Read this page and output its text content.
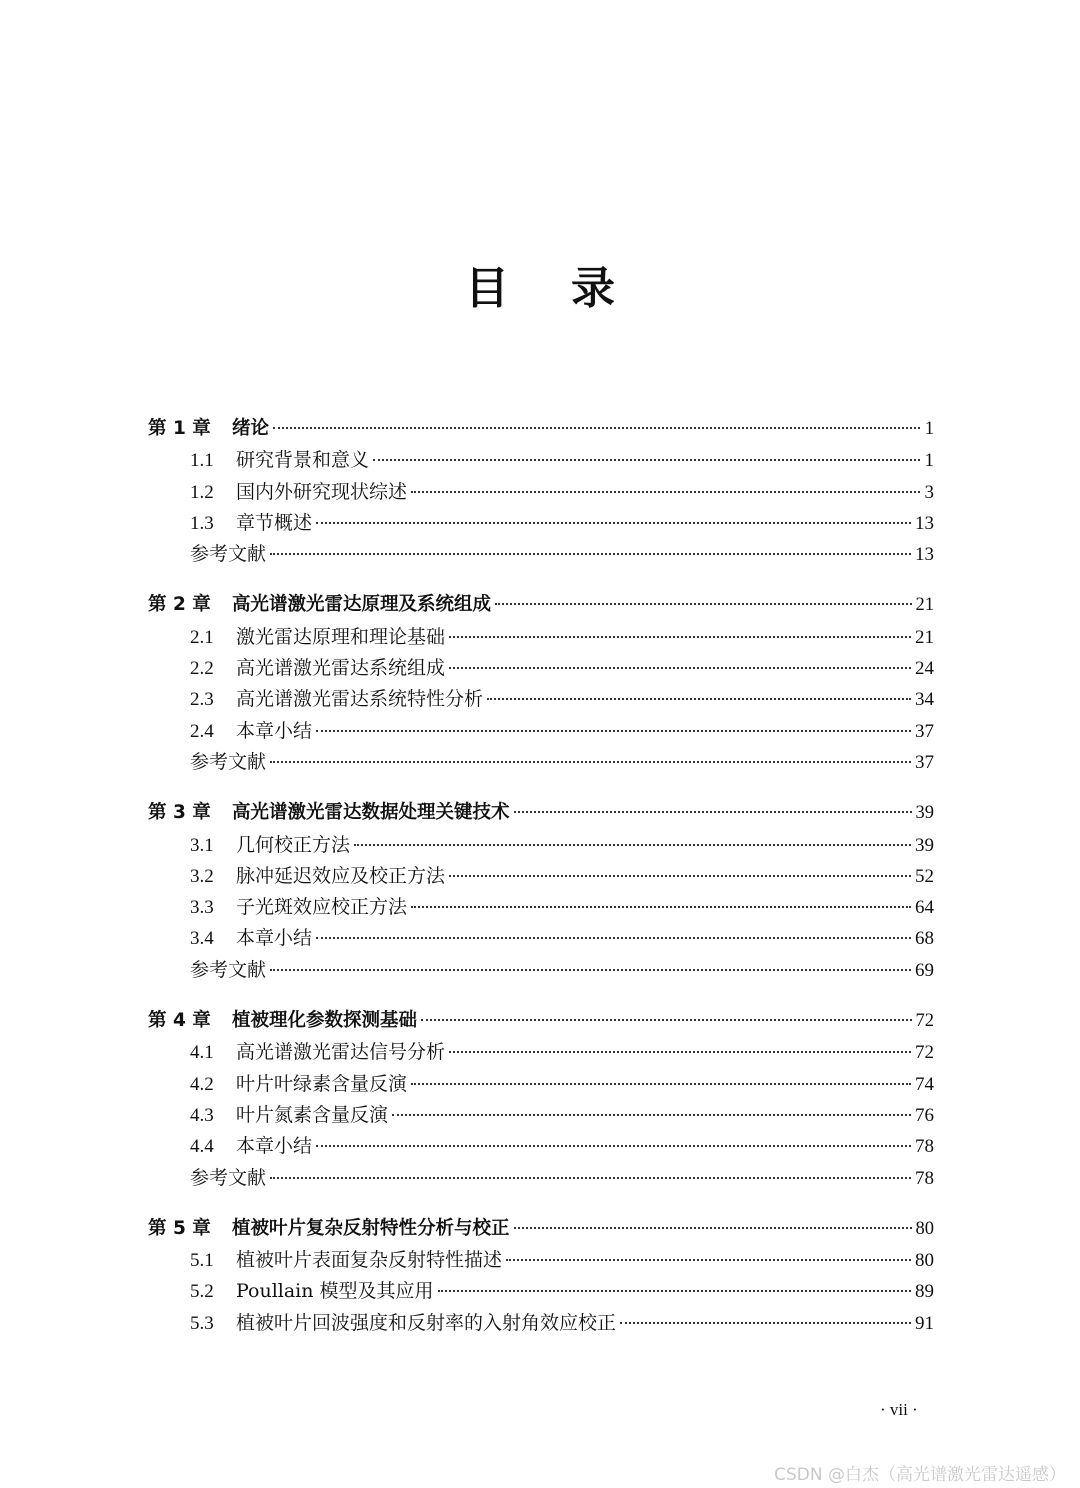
目 录
第 1 章	绪论	1
1.1	研究背景和意义	1
1.2	国内外研究现状综述	3
1.3	章节概述	13
参考文献	13
第 2 章	高光谱激光雷达原理及系统组成	21
2.1	激光雷达原理和理论基础	21
2.2	高光谱激光雷达系统组成	24
2.3	高光谱激光雷达系统特性分析	34
2.4	本章小结	37
参考文献	37
第 3 章	高光谱激光雷达数据处理关键技术	39
3.1	几何校正方法	39
3.2	脉冲延迟效应及校正方法	52
3.3	子光斑效应校正方法	64
3.4	本章小结	68
参考文献	69
第 4 章	植被理化参数探测基础	72
4.1	高光谱激光雷达信号分析	72
4.2	叶片叶绿素含量反演	74
4.3	叶片氮素含量反演	76
4.4	本章小结	78
参考文献	78
第 5 章	植被叶片复杂反射特性分析与校正	80
5.1	植被叶片表面复杂反射特性描述	80
5.2	Poullain 模型及其应用	89
5.3	植被叶片回波强度和反射率的入射角效应校正	91
· vii ·
CSDN @白杰（高光谱激光雷达遥感）
